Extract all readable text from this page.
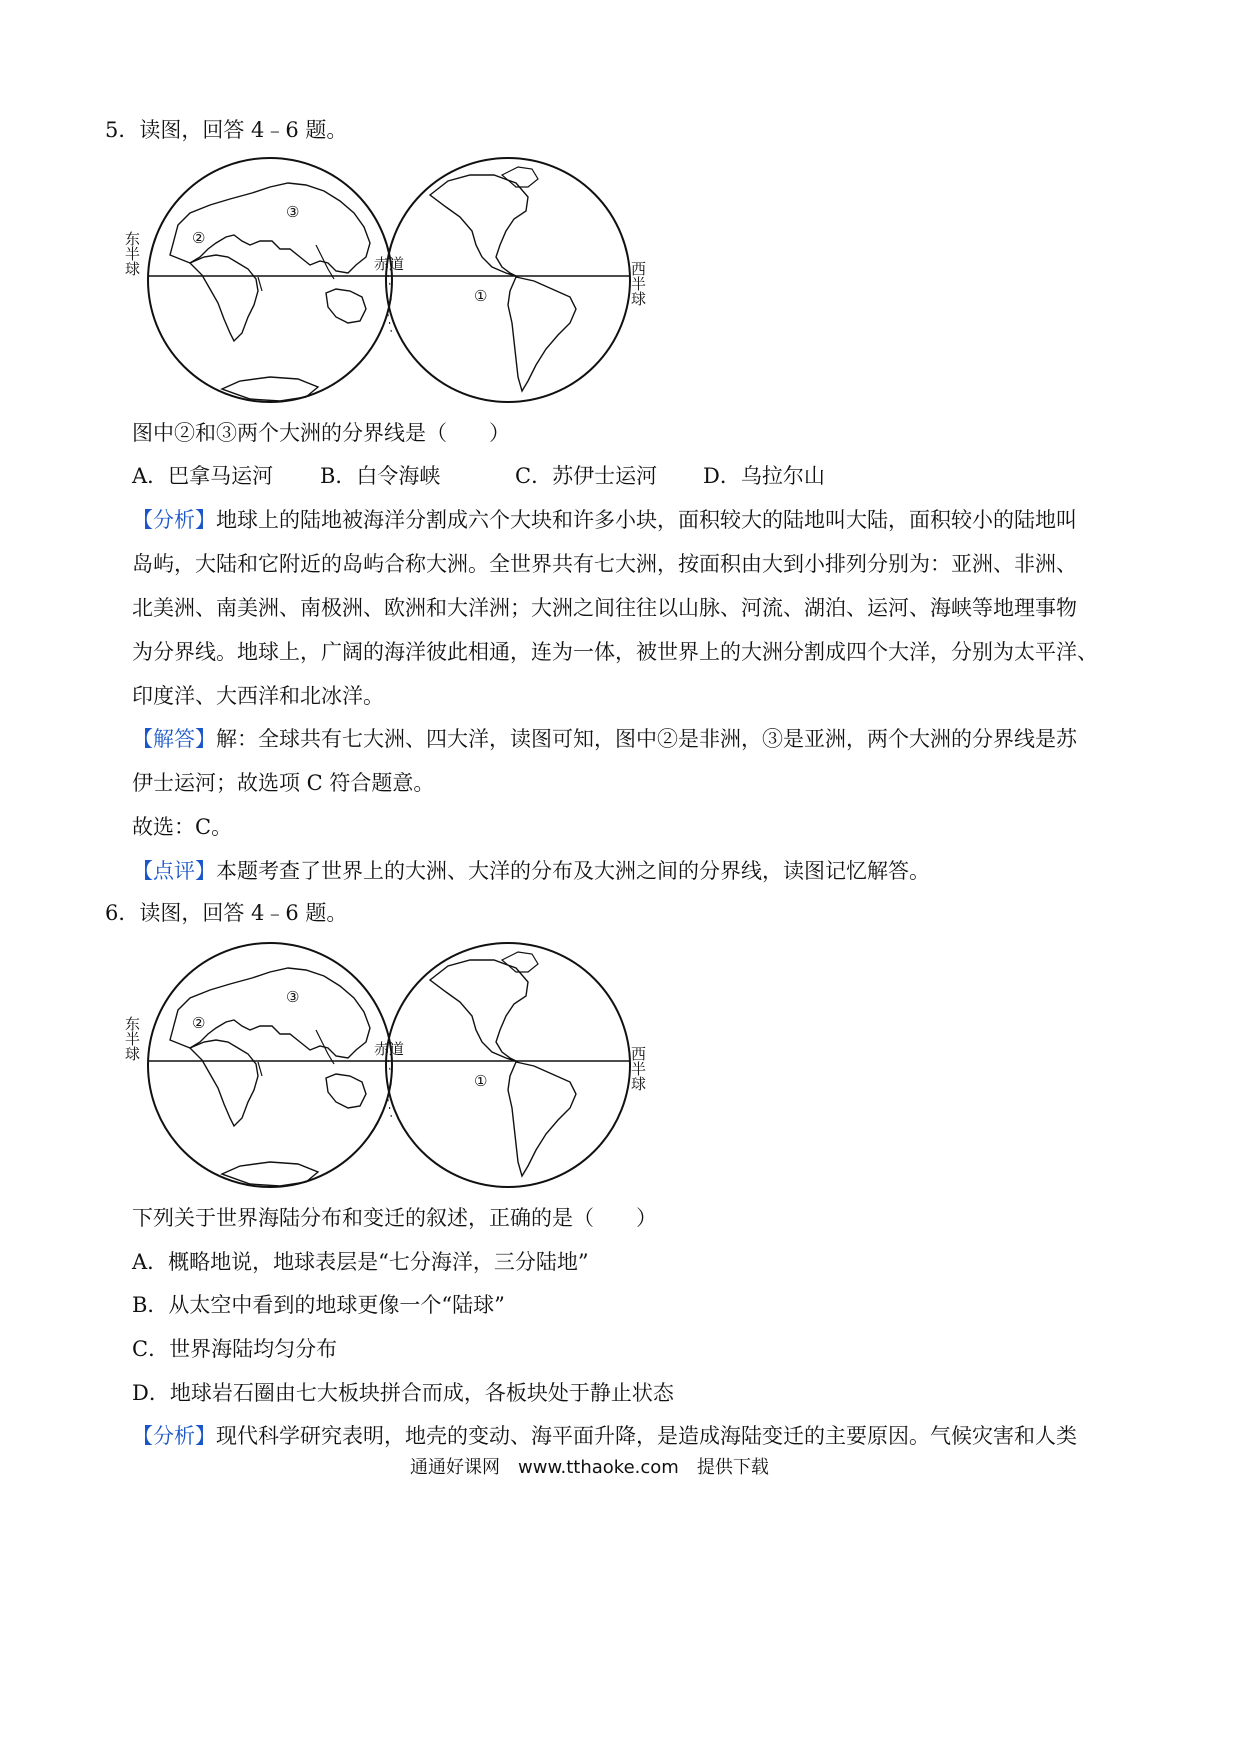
5．读图，回答 4﹣6 题。
东半球
西半球
赤道
②
③
①
图中②和③两个大洲的分界线是（　　）
A．巴拿马运河 B．白令海峡	C．苏伊士运河 D．乌拉尔山
【分析】地球上的陆地被海洋分割成六个大块和许多小块，面积较大的陆地叫大陆，面积较小的陆地叫
岛屿，大陆和它附近的岛屿合称大洲。全世界共有七大洲，按面积由大到小排列分别为：亚洲、非洲、
北美洲、南美洲、南极洲、欧洲和大洋洲；大洲之间往往以山脉、河流、湖泊、运河、海峡等地理事物
为分界线。地球上，广阔的海洋彼此相通，连为一体，被世界上的大洲分割成四个大洋，分别为太平洋、
印度洋、大西洋和北冰洋。
【解答】解：全球共有七大洲、四大洋，读图可知，图中②是非洲，③是亚洲，两个大洲的分界线是苏
伊士运河；故选项 C 符合题意。
故选：C。
【点评】本题考查了世界上的大洲、大洋的分布及大洲之间的分界线，读图记忆解答。
6．读图，回答 4﹣6 题。
东半球
西半球
赤道
②
③
①
下列关于世界海陆分布和变迁的叙述，正确的是（　　）
A．概略地说，地球表层是“七分海洋，三分陆地”
B．从太空中看到的地球更像一个“陆球”
C．世界海陆均匀分布
D．地球岩石圈由七大板块拼合而成，各板块处于静止状态
【分析】现代科学研究表明，地壳的变动、海平面升降，是造成海陆变迁的主要原因。气候灾害和人类
通通好课网　www.tthaoke.com　提供下载
